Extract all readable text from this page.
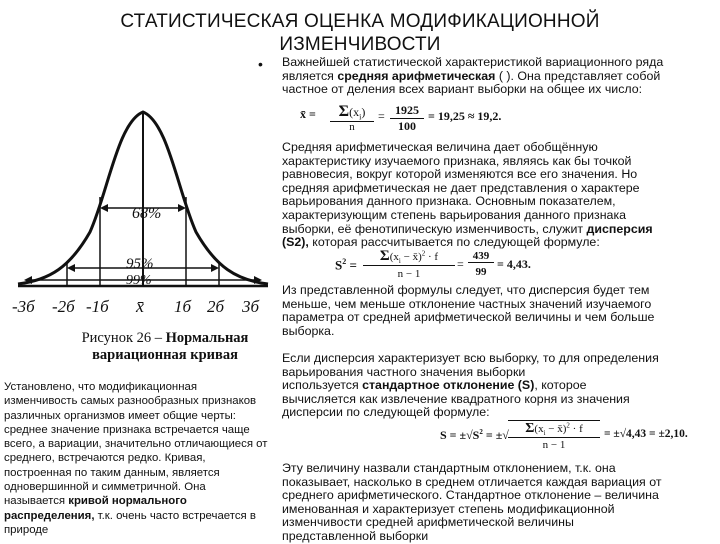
СТАТИСТИЧЕСКАЯ ОЦЕНКА МОДИФИКАЦИОННОЙ
ИЗМЕНЧИВОСТИ
• Важнейшей статистической характеристикой вариационного ряда
является средняя арифметическая ( ). Она представляет собой
частное от деления всех вариант выборки на общее их число:
x̄ =	$\Sigma(x_i)$
n
= 1925
100
= 19,25 ≈ 19,2.
Средняя арифметическая величина дает обобщённую
характеристику изучаемого признака, являясь как бы точкой
равновесия, вокруг которой изменяются все его значения. Но
средняя арифметическая не дает представления о характере
варьирования данного признака. Основным показателем,
характеризующим степень варьирования данного признака
выборки, её фенотипическую изменчивость, служит дисперсия
(S2), которая рассчитывается по следующей формуле:
$S^2$ =
$\Sigma(x_i$ − x̄)$^2$ · f
n − 1
=
439
99
= 4,43.
Из представленной формулы следует, что дисперсия будет тем
меньше, чем меньше отклонение частных значений изучаемого
параметра от средней арифметической величины и чем больше
выборка.
Если дисперсия характеризует всю выборку, то для определения
варьирования частного значения выборки
используется стандартное отклонение (S), которое
вычисляется как извлечение квадратного корня из значения
дисперсии по следующей формуле:
$S = \pm√S^2$ = ±√	$\Sigma(x_i$ − x̄)$^2$ · f
n − 1
= ±√4,43 = ±2,10.
Эту величину назвали стандартным отклонением, т.к. она
показывает, насколько в среднем отличается каждая вариация от
среднего арифметического. Стандартное отклонение – величина
именованная и характеризует степень модификационной
изменчивости средней арифметической величины
представленной выборки
68%
95%
99%
-3б -2б -1б x̄ 1б 2б 3б
Рисунок 26 – Нормальная
вариационная кривая
Установлено, что модификационная
изменчивость самых разнообразных признаков
различных организмов имеет общие черты:
среднее значение признака встречается чаще
всего, а вариации, значительно отличающиеся от
среднего, встречаются редко. Кривая,
построенная по таким данным, является
одновершинной и симметричной. Она
называется кривой нормального
распределения, т.к. очень часто встречается в
природе
